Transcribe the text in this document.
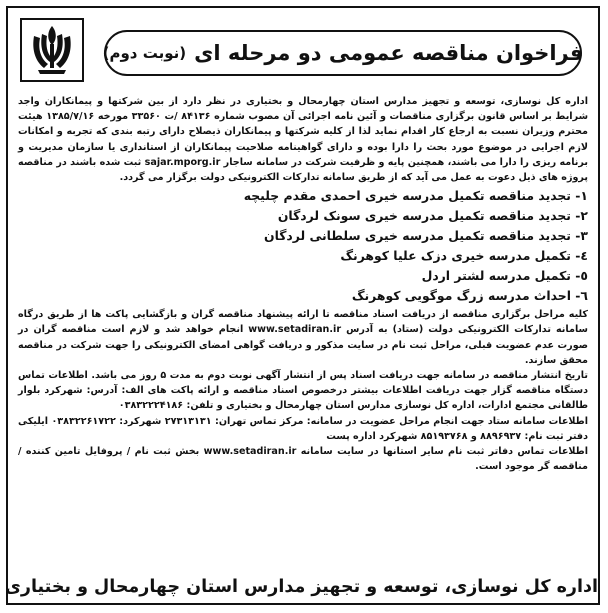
فراخوان مناقصه عمومی دو مرحله ای
(نوبت دوم)

اداره کل نوسازی، توسعه و تجهیز مدارس استان چهارمحال و بختیاری در نظر دارد از بین شرکتها و پیمانکاران واجد شرایط بر اساس قانون برگزاری مناقصات و آئین نامه اجرائی آن مصوب شماره ۸۴۱۳۶ /ت ۳۳۵۶۰ مورخه ۱۳۸۵/۷/۱۶ هیئت محترم وزیران نسبت به ارجاع کار اقدام نماید لذا از کلیه شرکتها و پیمانکاران ذیصلاح دارای رتبه بندی که تجربه و امکانات لازم اجرایی در موضوع مورد بحث را دارا بوده و دارای گواهینامه صلاحیت پیمانکاران از استانداری یا سازمان مدیریت و برنامه ریزی را دارا می باشند، همچنین پایه و ظرفیت شرکت در سامانه ساجار sajar.mporg.ir ثبت شده باشند در مناقصه پروژه های ذیل دعوت به عمل می آید که از طریق سامانه تدارکات الکترونیکی دولت برگزار می گردد.

۱- تجدید مناقصه تکمیل مدرسه خیری احمدی مقدم چلیچه
۲- تجدید مناقصه تکمیل مدرسه خیری سونک لردگان
۳- تجدید مناقصه تکمیل مدرسه خیری سلطانی لردگان
٤- تکمیل مدرسه خیری دزک علیا کوهرنگ
٥- تکمیل مدرسه لشتر اردل
٦- احداث مدرسه زرگ موگویی کوهرنگ

کلیه مراحل برگزاری مناقصه از دریافت اسناد مناقصه تا ارائه پیشنهاد مناقصه گران و بازگشایی پاکت ها از طریق درگاه سامانه تدارکات الکترونیکی دولت (ستاد) به آدرس www.setadiran.ir انجام خواهد شد و لازم است مناقصه گران در صورت عدم عضویت قبلی، مراحل ثبت نام در سایت مذکور و دریافت گواهی امضای الکترونیکی را جهت شرکت در مناقصه محقق سازند.

تاریخ انتشار مناقصه در سامانه جهت دریافت اسناد پس از انتشار آگهی نوبت دوم به مدت ۵ روز می باشد. اطلاعات تماس دستگاه مناقصه گزار جهت دریافت اطلاعات بیشتر درخصوص اسناد مناقصه و ارائه پاکت های الف: آدرس: شهرکرد بلوار طالقانی مجتمع ادارات، اداره کل نوسازی مدارس استان چهارمحال و بختیاری و تلفن: ۰۳۸۳۲۲۲۴۱۸۶

اطلاعات سامانه ستاد جهت انجام مراحل عضویت در سامانه: مرکز تماس تهران: ۲۷۳۱۳۱۳۱ شهرکرد: ۰۳۸۳۲۲۶۱۷۲۲ ایلیکی دفتر ثبت نام: ۸۸۹۶۹۳۷ و ۸۵۱۹۳۷۶۸ شهرکرد اداره پست

اطلاعات تماس دفاتر ثبت نام سایر استانها در سایت سامانه www.setadiran.ir بخش ثبت نام / پروفایل تامین کننده / مناقصه گر موجود است.

اداره کل نوسازی، توسعه و تجهیز مدارس استان چهارمحال و بختیاری
